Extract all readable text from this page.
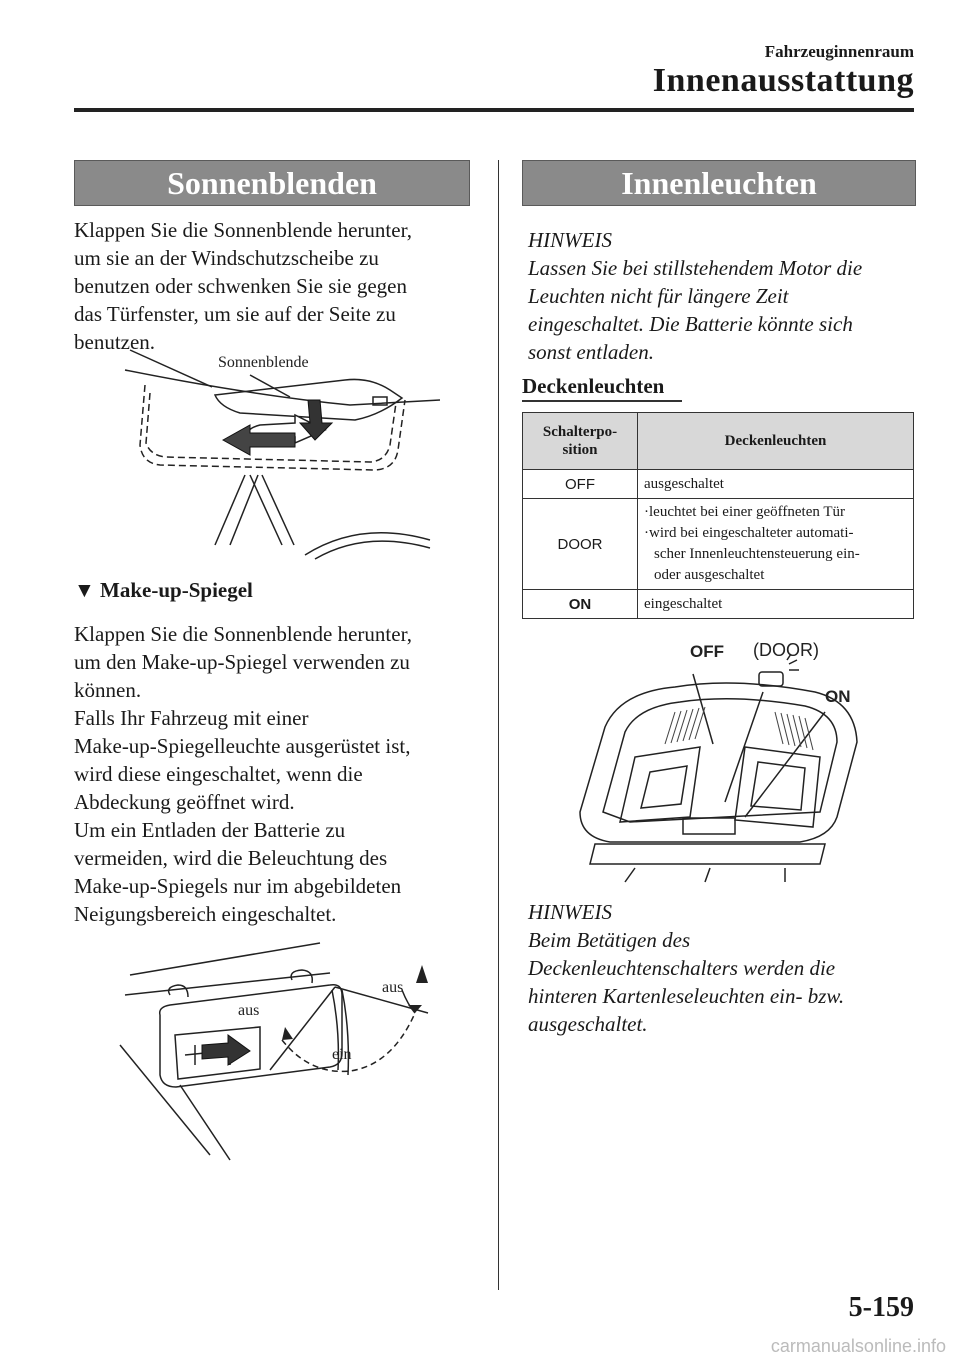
Fahrzeuginnenraum
Innenausstattung
Sonnenblenden
Klappen Sie die Sonnenblende herunter,
um sie an der Windschutzscheibe zu
benutzen oder schwenken Sie sie gegen
das Türfenster, um sie auf der Seite zu
benutzen.
Sonnenblende
▼ Make-up-Spiegel
Klappen Sie die Sonnenblende herunter,
um den Make-up-Spiegel verwenden zu
können.
Falls Ihr Fahrzeug mit einer
Make-up-Spiegelleuchte ausgerüstet ist,
wird diese eingeschaltet, wenn die
Abdeckung geöffnet wird.
Um ein Entladen der Batterie zu
vermeiden, wird die Beleuchtung des
Make-up-Spiegels nur im abgebildeten
Neigungsbereich eingeschaltet.
aus
aus
ein
Innenleuchten
HINWEIS
Lassen Sie bei stillstehendem Motor die
Leuchten nicht für längere Zeit
eingeschaltet. Die Batterie könnte sich
sonst entladen.
Deckenleuchten
Schalterpo-
sition	Deckenleuchten
OFF	ausgeschaltet

DOOR	·leuchtet bei einer geöffneten Tür
·wird bei eingeschalteter automati-
scher Innenleuchtensteuerung ein-
oder ausgeschaltet

ON	eingeschaltet
OFF (DOOR)
ON
HINWEIS
Beim Betätigen des
Deckenleuchtenschalters werden die
hinteren Kartenleseleuchten ein- bzw.
ausgeschaltet.
5-159
carmanualsonline.info
